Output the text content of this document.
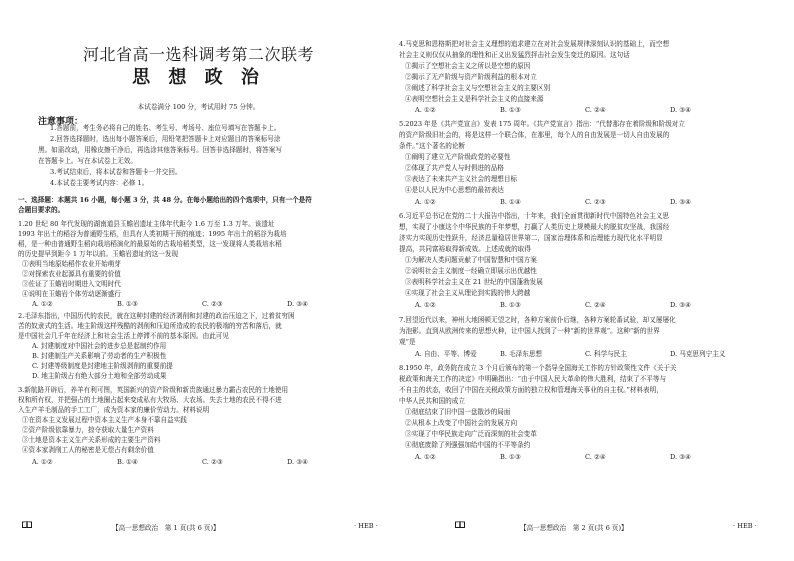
河北省高一选科调考第二次联考
思 想 政 治
本试卷满分 100 分，考试用时 75 分钟。
注意事项：
1.答题前，考生务必将自己的姓名、考生号、考场号、座位号填写在答题卡上。
2.回答选择题时，选出每小题答案后，用铅笔把答题卡上对应题目的答案标号涂
黑。如需改动，用橡皮擦干净后，再选涂其他答案标号。回答非选择题时，将答案写
在答题卡上。写在本试卷上无效。
3.考试结束后，将本试卷和答题卡一并交回。
4.本试卷主要考试内容：必修 1。
一、选择题：本题共 16 小题，每小题 3 分，共 48 分。在每小题给出的四个选项中，只有一个是符
合题目要求的。
1.20 世纪 80 年代发现的湖南道县玉蟾岩遗址主体年代距今 1.6 万至 1.3 万年。该遗址
1993 年出土的稻谷为普通野生稻，但具有人类初期干预的痕迹；1995 年出土的稻谷为栽培
稻，是一种由普通野生稻向栽培稻演化的最原始的古栽培稻类型，这一发现将人类栽培水稻
的历史提早到距今 1 万年以前。玉蟾岩遗址的这一发现
①表明当地原始稻作农业开始萌芽
②对探索农业起源具有重要的价值
③佐证了玉蟾岩时期进入文明时代
④说明在玉蟾岩个体劳动逐渐盛行
A. ①②	B. ①③	C. ②③	D. ③④
2.毛泽东指出，中国历代的农民，就在这种封建的经济剥削和封建的政治压迫之下，过着贫穷困
苦的奴隶式的生活。地主阶级这样残酷的剥削和压迫所造成的农民的极端的穷苦和落后，就
是中国社会几千年在经济上和社会生活上停滞不前的基本原因。由此可见
A. 封建制度对中国社会的进步总是起制约作用
B. 封建制生产关系影响了劳动者的生产积极性
C. 封建等级制度是封建地主阶级剥削的重要前提
D. 地主阶级占有绝大部分土地和全部劳动成果
3.新航路开辟后，养羊有利可图，英国新兴的资产阶级和新贵族通过暴力霸占农民的土地使用
权和所有权，并把强占的土地圈占起来变成私有大牧场、大农场。失去土地的农民不得不进
入生产羊毛制品的手工工厂，成为资本家的廉价劳动力。材料说明
①在资本主义发展过程中资本主义生产本身不靠自益实践
②资产阶级依靠暴力，掠夺获取大量生产资料
③土地是资本主义生产关系形成的主要生产资料
④资本家剥削工人的秘密是无偿占有剩余价值
A. ①②	B. ①④	C. ②③	D. ③④
【高一思想政治　第 1 页(共 6 页)】	· HEB ·
4.马克思和恩格斯把对社会主义理想的追求建立在对社会发展规律深刻认识的基础上，而空想
社会主义则仅仅从抽象的理性和正义出发猛烈抨击社会发生变迁的原因。这句话
①揭示了空想社会主义之所以是空想的原因
②揭示了无产阶级与资产阶级利益的根本对立
③阐述了科学社会主义与空想社会主义的主要区别
④表明空想社会主义是科学社会主义的直接来源
A. ①②	B. ①③	C. ②④	D. ③④
5.2023 年是《共产党宣言》发表 175 周年。《共产党宣言》指出：“代替那存在着阶级和阶级对立
的资产阶级旧社会的，将是这样一个联合体，在那里，每个人的自由发展是一切人自由发展的
条件。”这个著名的论断
①阐明了建立无产阶级政党的必要性
②体现了共产党人与时俱进的品格
③表达了未来共产主义社会的理想目标
④是以人民为中心思想的最初表达
A. ①②	B. ①④	C. ②③	D. ③④
6.习近平总书记在党的二十大报告中指出，十年来，我们全面贯彻新时代中国特色社会主义思
想，实现了小康这个中华民族的千年梦想，打赢了人类历史上规模最大的脱贫攻坚战，我国经
济实力实现历史性跃升，经济总量稳居世界第二，国家治理体系和治理能力现代化水平明显
提高，共同富裕取得新成效。上述成就的取得
①为解决人类问题贡献了中国智慧和中国方案
②说明社会主义制度一经确立即展示出优越性
③表明科学社会主义在 21 世纪的中国蓬勃发展
④实现了社会主义从理论到实践的伟大跨越
A. ①②	B. ①③	C. ②④	D. ③④
7.回望近代以来，神州大地困顿无望之时，各种方案前仆后继，各种方案轮番试验，却又屡屡化
为泡影。直到从欧洲传来的思想火种，让中国人找到了一种“新的世界观”。这种“新的世界
观”是
A. 自由、平等、博爱	B. 毛泽东思想	C. 科学与民主	D. 马克思列宁主义
8.1950 年，政务院在成立 3 个月后颁布的第一个指导全国海关工作的方针政策性文件《关于关
税政策和海关工作的决定》中明确指出：“由于中国人民大革命的伟大胜利，结束了不平等与
不自主的状态，收回了中国在关税政策方面的独立权和管理海关事业的自主权。”材料表明，
中华人民共和国的成立
①彻底结束了旧中国一盘散沙的局面
②从根本上改变了中国社会的发展方向
③实现了中华民族走向广泛而深刻的社会变革
④彻底废除了列强强加给中国的不平等条约
A. ①②	B. ①③	C. ②④	D. ③④
【高一思想政治　第 2 页(共 6 页)】	· HEB ·
